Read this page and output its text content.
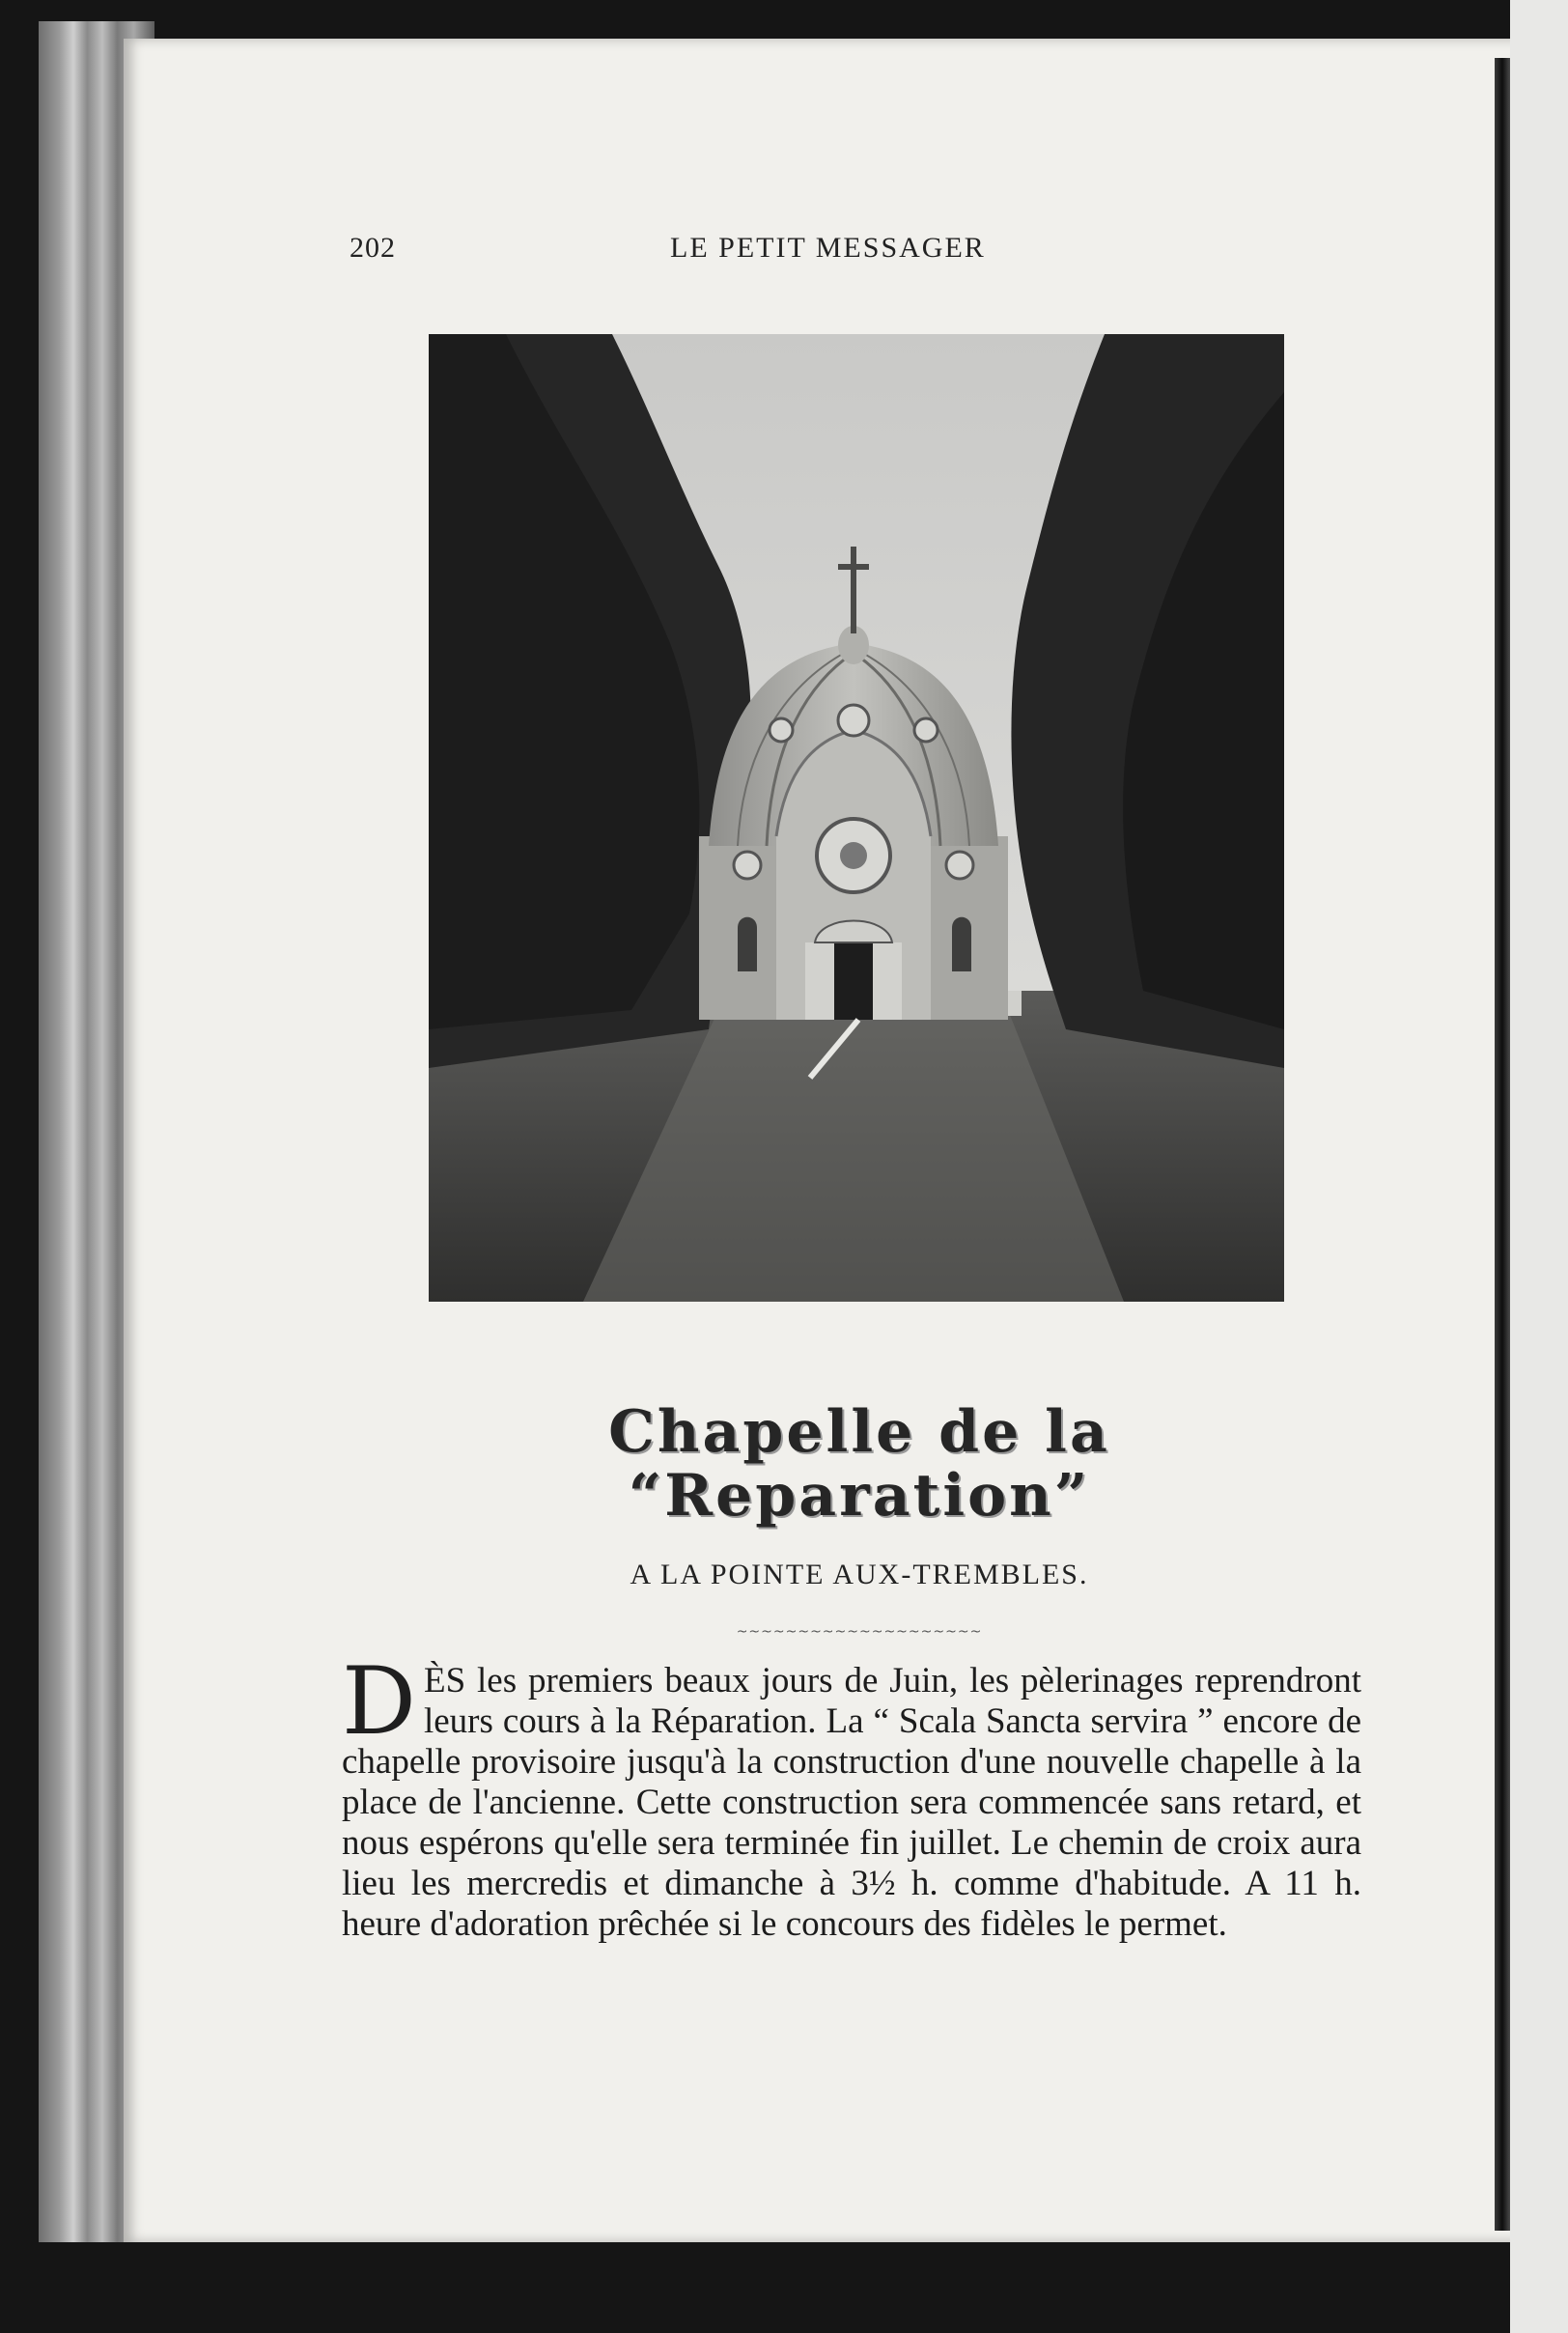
202	LE PETIT MESSAGER
Chapelle de la “Reparation”
A LA POINTE AUX-TREMBLES.
~~~~~~~~~~~~~~~~~~~~
D ÈS les premiers beaux jours de Juin, les pèlerinages reprendront leurs cours à la Réparation. La “ Scala Sancta servira ” encore de chapelle provisoire jusqu'à la construction d'une nouvelle chapelle à la place de l'ancienne. Cette construction sera commencée sans retard, et nous espérons qu'elle sera terminée fin juillet. Le chemin de croix aura lieu les mercredis et dimanche à 3½ h. comme d'habitude. A 11 h. heure d'adoration prêchée si le concours des fidèles le permet.
